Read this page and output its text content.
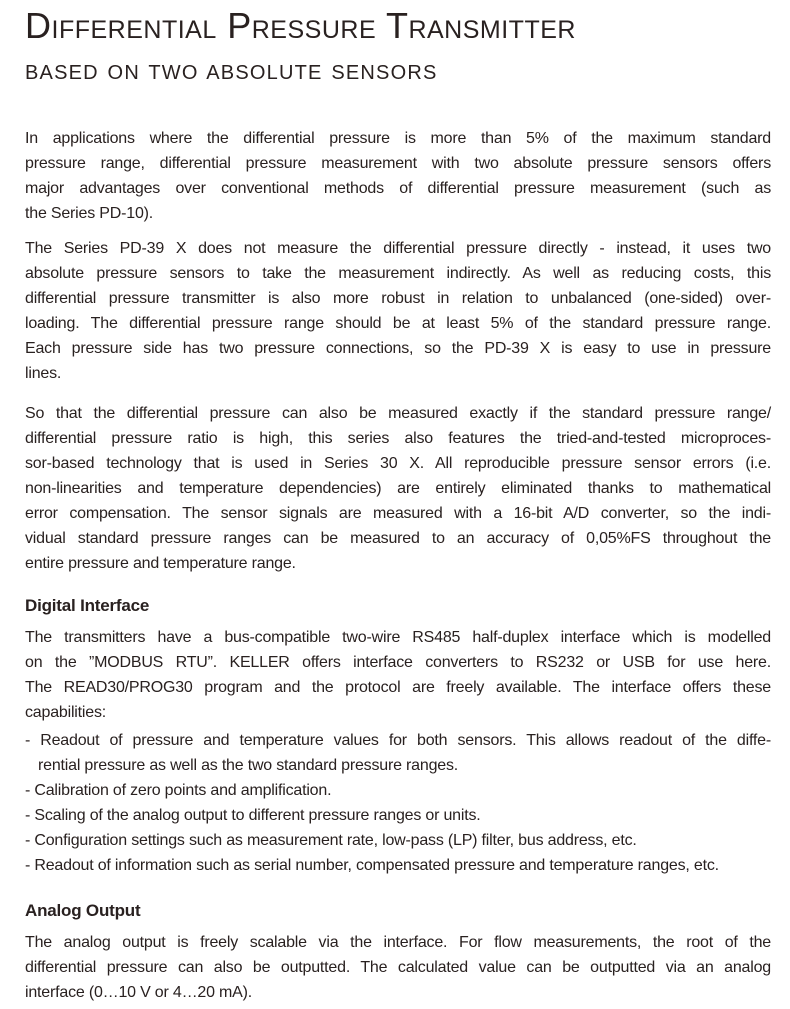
Differential Pressure Transmitter
BASED ON TWO ABSOLUTE SENSORS
In applications where the differential pressure is more than 5% of the maximum standard
pressure range, differential pressure measurement with two absolute pressure sensors offers
major advantages over conventional methods of differential pressure measurement (such as
the Series PD-10).
The Series PD-39 X does not measure the differential pressure directly - instead, it uses two
absolute pressure sensors to take the measurement indirectly. As well as reducing costs, this
differential pressure transmitter is also more robust in relation to unbalanced (one-sided) over-
loading. The differential pressure range should be at least 5% of the standard pressure range.
Each pressure side has two pressure connections, so the PD-39 X is easy to use in pressure
lines.
So that the differential pressure can also be measured exactly if the standard pressure range/
differential pressure ratio is high, this series also features the tried-and-tested microproces-
sor-based technology that is used in Series 30 X. All reproducible pressure sensor errors (i.e.
non-linearities and temperature dependencies) are entirely eliminated thanks to mathematical
error compensation. The sensor signals are measured with a 16-bit A/D converter, so the indi-
vidual standard pressure ranges can be measured to an accuracy of 0,05%FS throughout the
entire pressure and temperature range.
Digital Interface
The transmitters have a bus-compatible two-wire RS485 half-duplex interface which is modelled
on the ”MODBUS RTU”. KELLER offers interface converters to RS232 or USB for use here.
The READ30/PROG30 program and the protocol are freely available. The interface offers these
capabilities:
- Readout of pressure and temperature values for both sensors. This allows readout of the diffe-
rential pressure as well as the two standard pressure ranges.
- Calibration of zero points and amplification.
- Scaling of the analog output to different pressure ranges or units.
- Configuration settings such as measurement rate, low-pass (LP) filter, bus address, etc.
- Readout of information such as serial number, compensated pressure and temperature ranges, etc.
Analog Output
The analog output is freely scalable via the interface. For flow measurements, the root of the
differential pressure can also be outputted. The calculated value can be outputted via an analog
interface (0…10 V or 4…20 mA).
